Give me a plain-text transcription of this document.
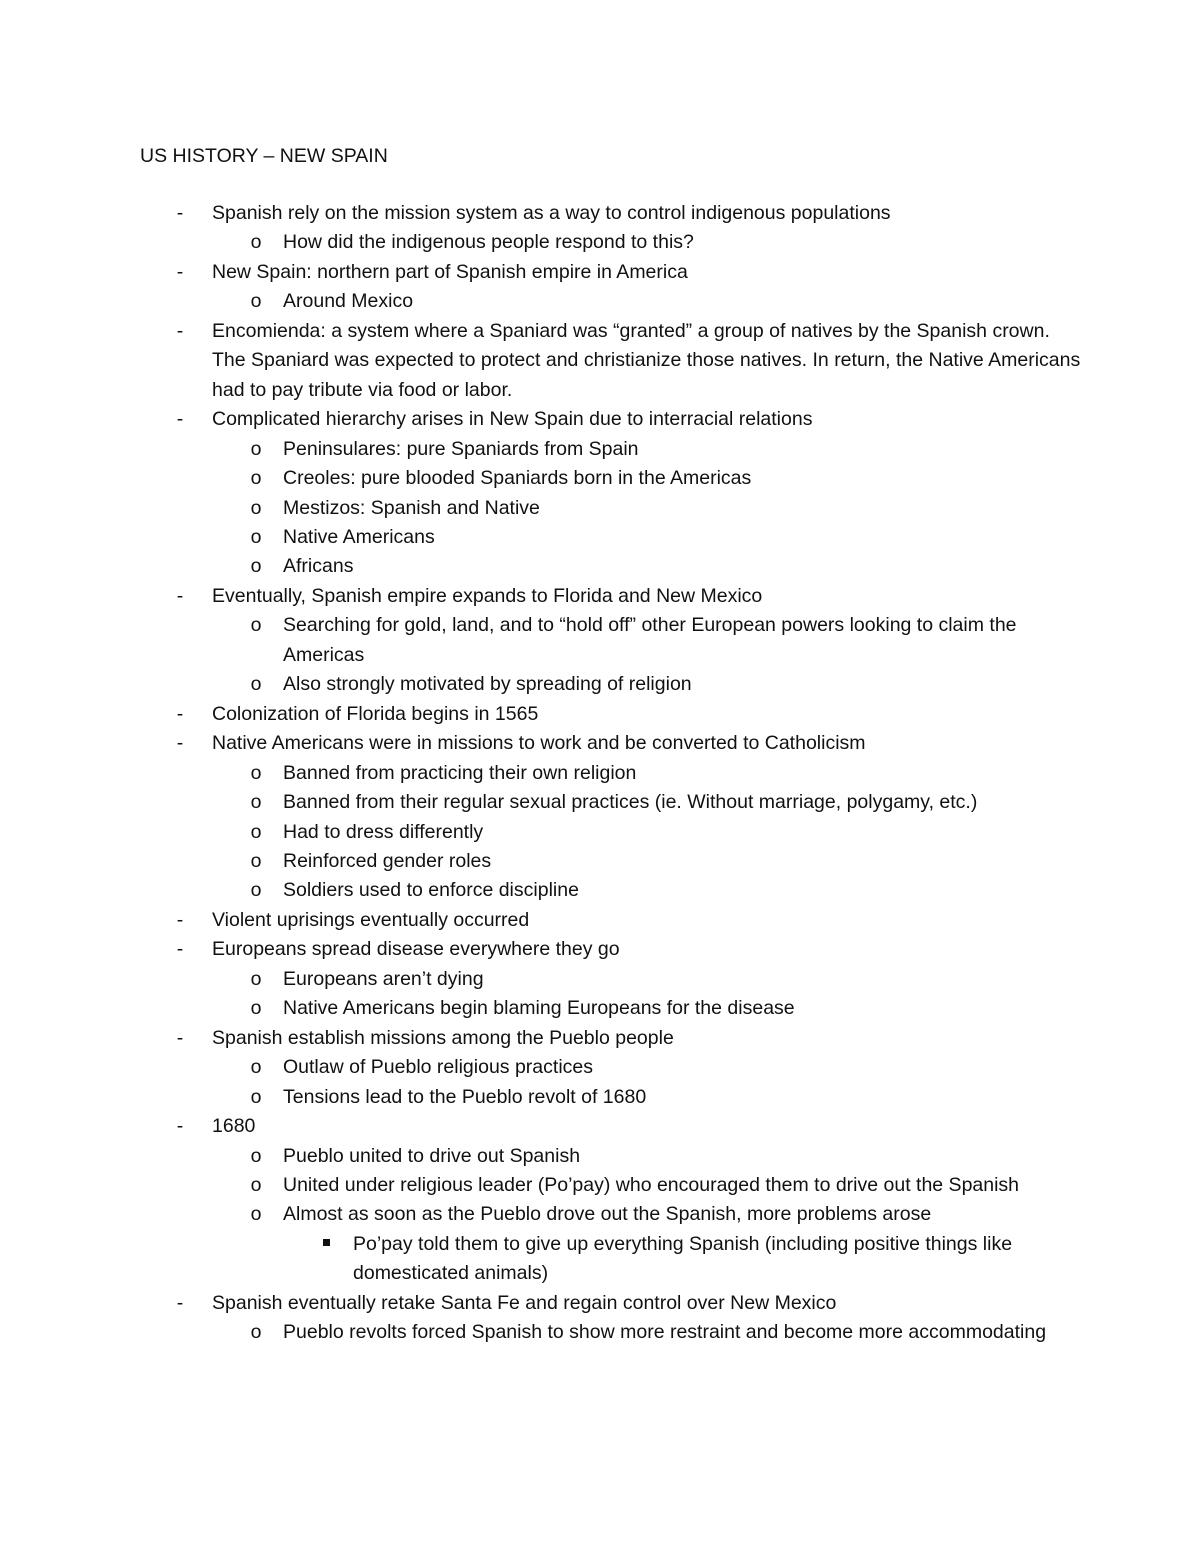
US HISTORY – NEW SPAIN
-	Spanish rely on the mission system as a way to control indigenous populations
o How did the indigenous people respond to this?
-	New Spain: northern part of Spanish empire in America
o Around Mexico
-	Encomienda: a system where a Spaniard was “granted” a group of natives by the Spanish crown. The Spaniard was expected to protect and christianize those natives. In return, the Native Americans had to pay tribute via food or labor.
-	Complicated hierarchy arises in New Spain due to interracial relations
o Peninsulares: pure Spaniards from Spain
o Creoles: pure blooded Spaniards born in the Americas
o Mestizos: Spanish and Native
o Native Americans
o Africans
-	Eventually, Spanish empire expands to Florida and New Mexico
o Searching for gold, land, and to “hold off” other European powers looking to claim the Americas
o Also strongly motivated by spreading of religion
-	Colonization of Florida begins in 1565
-	Native Americans were in missions to work and be converted to Catholicism
o Banned from practicing their own religion
o Banned from their regular sexual practices (ie. Without marriage, polygamy, etc.)
o Had to dress differently
o Reinforced gender roles
o Soldiers used to enforce discipline
-	Violent uprisings eventually occurred
-	Europeans spread disease everywhere they go
o Europeans aren’t dying
o Native Americans begin blaming Europeans for the disease
-	Spanish establish missions among the Pueblo people
o Outlaw of Pueblo religious practices
o Tensions lead to the Pueblo revolt of 1680
-	1680
o Pueblo united to drive out Spanish
o United under religious leader (Po’pay) who encouraged them to drive out the Spanish
o Almost as soon as the Pueblo drove out the Spanish, more problems arose
Po’pay told them to give up everything Spanish (including positive things like domesticated animals)
-	Spanish eventually retake Santa Fe and regain control over New Mexico
o Pueblo revolts forced Spanish to show more restraint and become more accommodating
